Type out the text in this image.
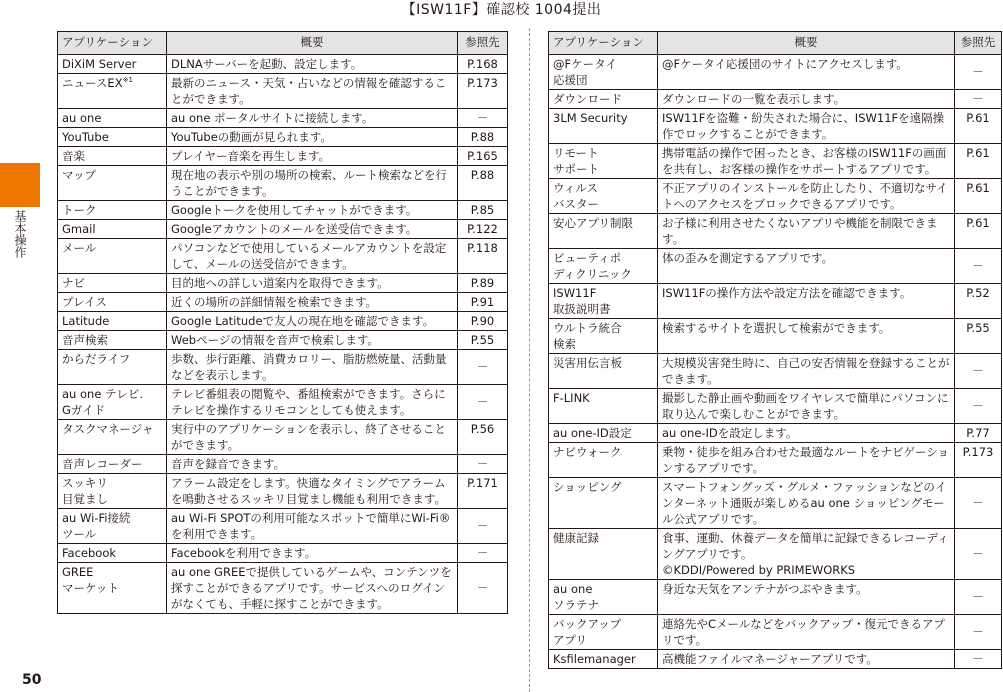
【ISW11F】確認校 1004提出
基本操作
50
アプリケーション	概要	参照先
DiXiM Server	DLNAサーバーを起動、設定します。	P.168
ニュースEX$^{※1}$	最新のニュース・天気・占いなどの情報を確認することができます。	P.173
au one	au one ポータルサイトに接続します。	－
YouTube	YouTubeの動画が見られます。	P.88
音楽	プレイヤー音楽を再生します。	P.165
マップ	現在地の表示や別の場所の検索、ルート検索などを行うことができます。	P.88
トーク	Googleトークを使用してチャットができます。	P.85
Gmail	Googleアカウントのメールを送受信できます。	P.122
メール	パソコンなどで使用しているメールアカウントを設定して、メールの送受信ができます。	P.118
ナビ	目的地への詳しい道案内を取得できます。	P.89
プレイス	近くの場所の詳細情報を検索できます。	P.91
Latitude	Google Latitudeで友人の現在地を確認できます。	P.90
音声検索	Webページの情報を音声で検索します。	P.55
からだライフ	歩数、歩行距離、消費カロリー、脂肪燃焼量、活動量などを表示します。	－
au one テレビ.
Gガイド	テレビ番組表の閲覧や、番組検索ができます。さらにテレビを操作するリモコンとしても使えます。	－
タスクマネージャ	実行中のアプリケーションを表示し、終了させることができます。	P.56
音声レコーダー	音声を録音できます。	－
スッキリ
目覚まし	アラーム設定をします。快適なタイミングでアラームを鳴動させるスッキリ目覚まし機能も利用できます。	P.171
au Wi-Fi接続
ツール	au Wi-Fi SPOTの利用可能なスポットで簡単にWi-Fi®を利用できます。	－
Facebook	Facebookを利用できます。	－
GREE
マーケット	au one GREEで提供しているゲームや、コンテンツを探すことができるアプリです。サービスへのログインがなくても、手軽に探すことができます。	－
アプリケーション	概要	参照先
@Fケータイ
応援団	@Fケータイ応援団のサイトにアクセスします。	－
ダウンロード	ダウンロードの一覧を表示します。	－
3LM Security	ISW11Fを盗難・紛失された場合に、ISW11Fを遠隔操作でロックすることができます。	P.61
リモート
サポート	携帯電話の操作で困ったとき、お客様のISW11Fの画面を共有し、お客様の操作をサポートするアプリです。	P.61
ウィルス
バスター	不正アプリのインストールを防止したり、不適切なサイトへのアクセスをブロックできるアプリです。	P.61
安心アプリ制限	お子様に利用させたくないアプリや機能を制限できます。	P.61
ビューティポ
ディクリニック	体の歪みを測定するアプリです。	－
ISW11F
取扱説明書	ISW11Fの操作方法や設定方法を確認できます。	P.52
ウルトラ統合
検索	検索するサイトを選択して検索ができます。	P.55
災害用伝言板	大規模災害発生時に、自己の安否情報を登録することができます。	－
F-LINK	撮影した静止画や動画をワイヤレスで簡単にパソコンに取り込んで楽しむことができます。	－
au one-ID設定	au one-IDを設定します。	P.77
ナビウォーク	乗物・徒歩を組み合わせた最適なルートをナビゲーションするアプリです。	P.173
ショッピング	スマートフォングッズ・グルメ・ファッションなどのインターネット通販が楽しめるau one ショッピングモール公式アプリです。	－
健康記録	食事、運動、休養データを簡単に記録できるレコーディングアプリです。
©KDDI/Powered by PRIMEWORKS	－
au one
ソラテナ	身近な天気をアンテナがつぶやきます。	－
バックアップ
アプリ	連絡先やCメールなどをバックアップ・復元できるアプリです。	－
Ksfilemanager	高機能ファイルマネージャーアプリです。	－
